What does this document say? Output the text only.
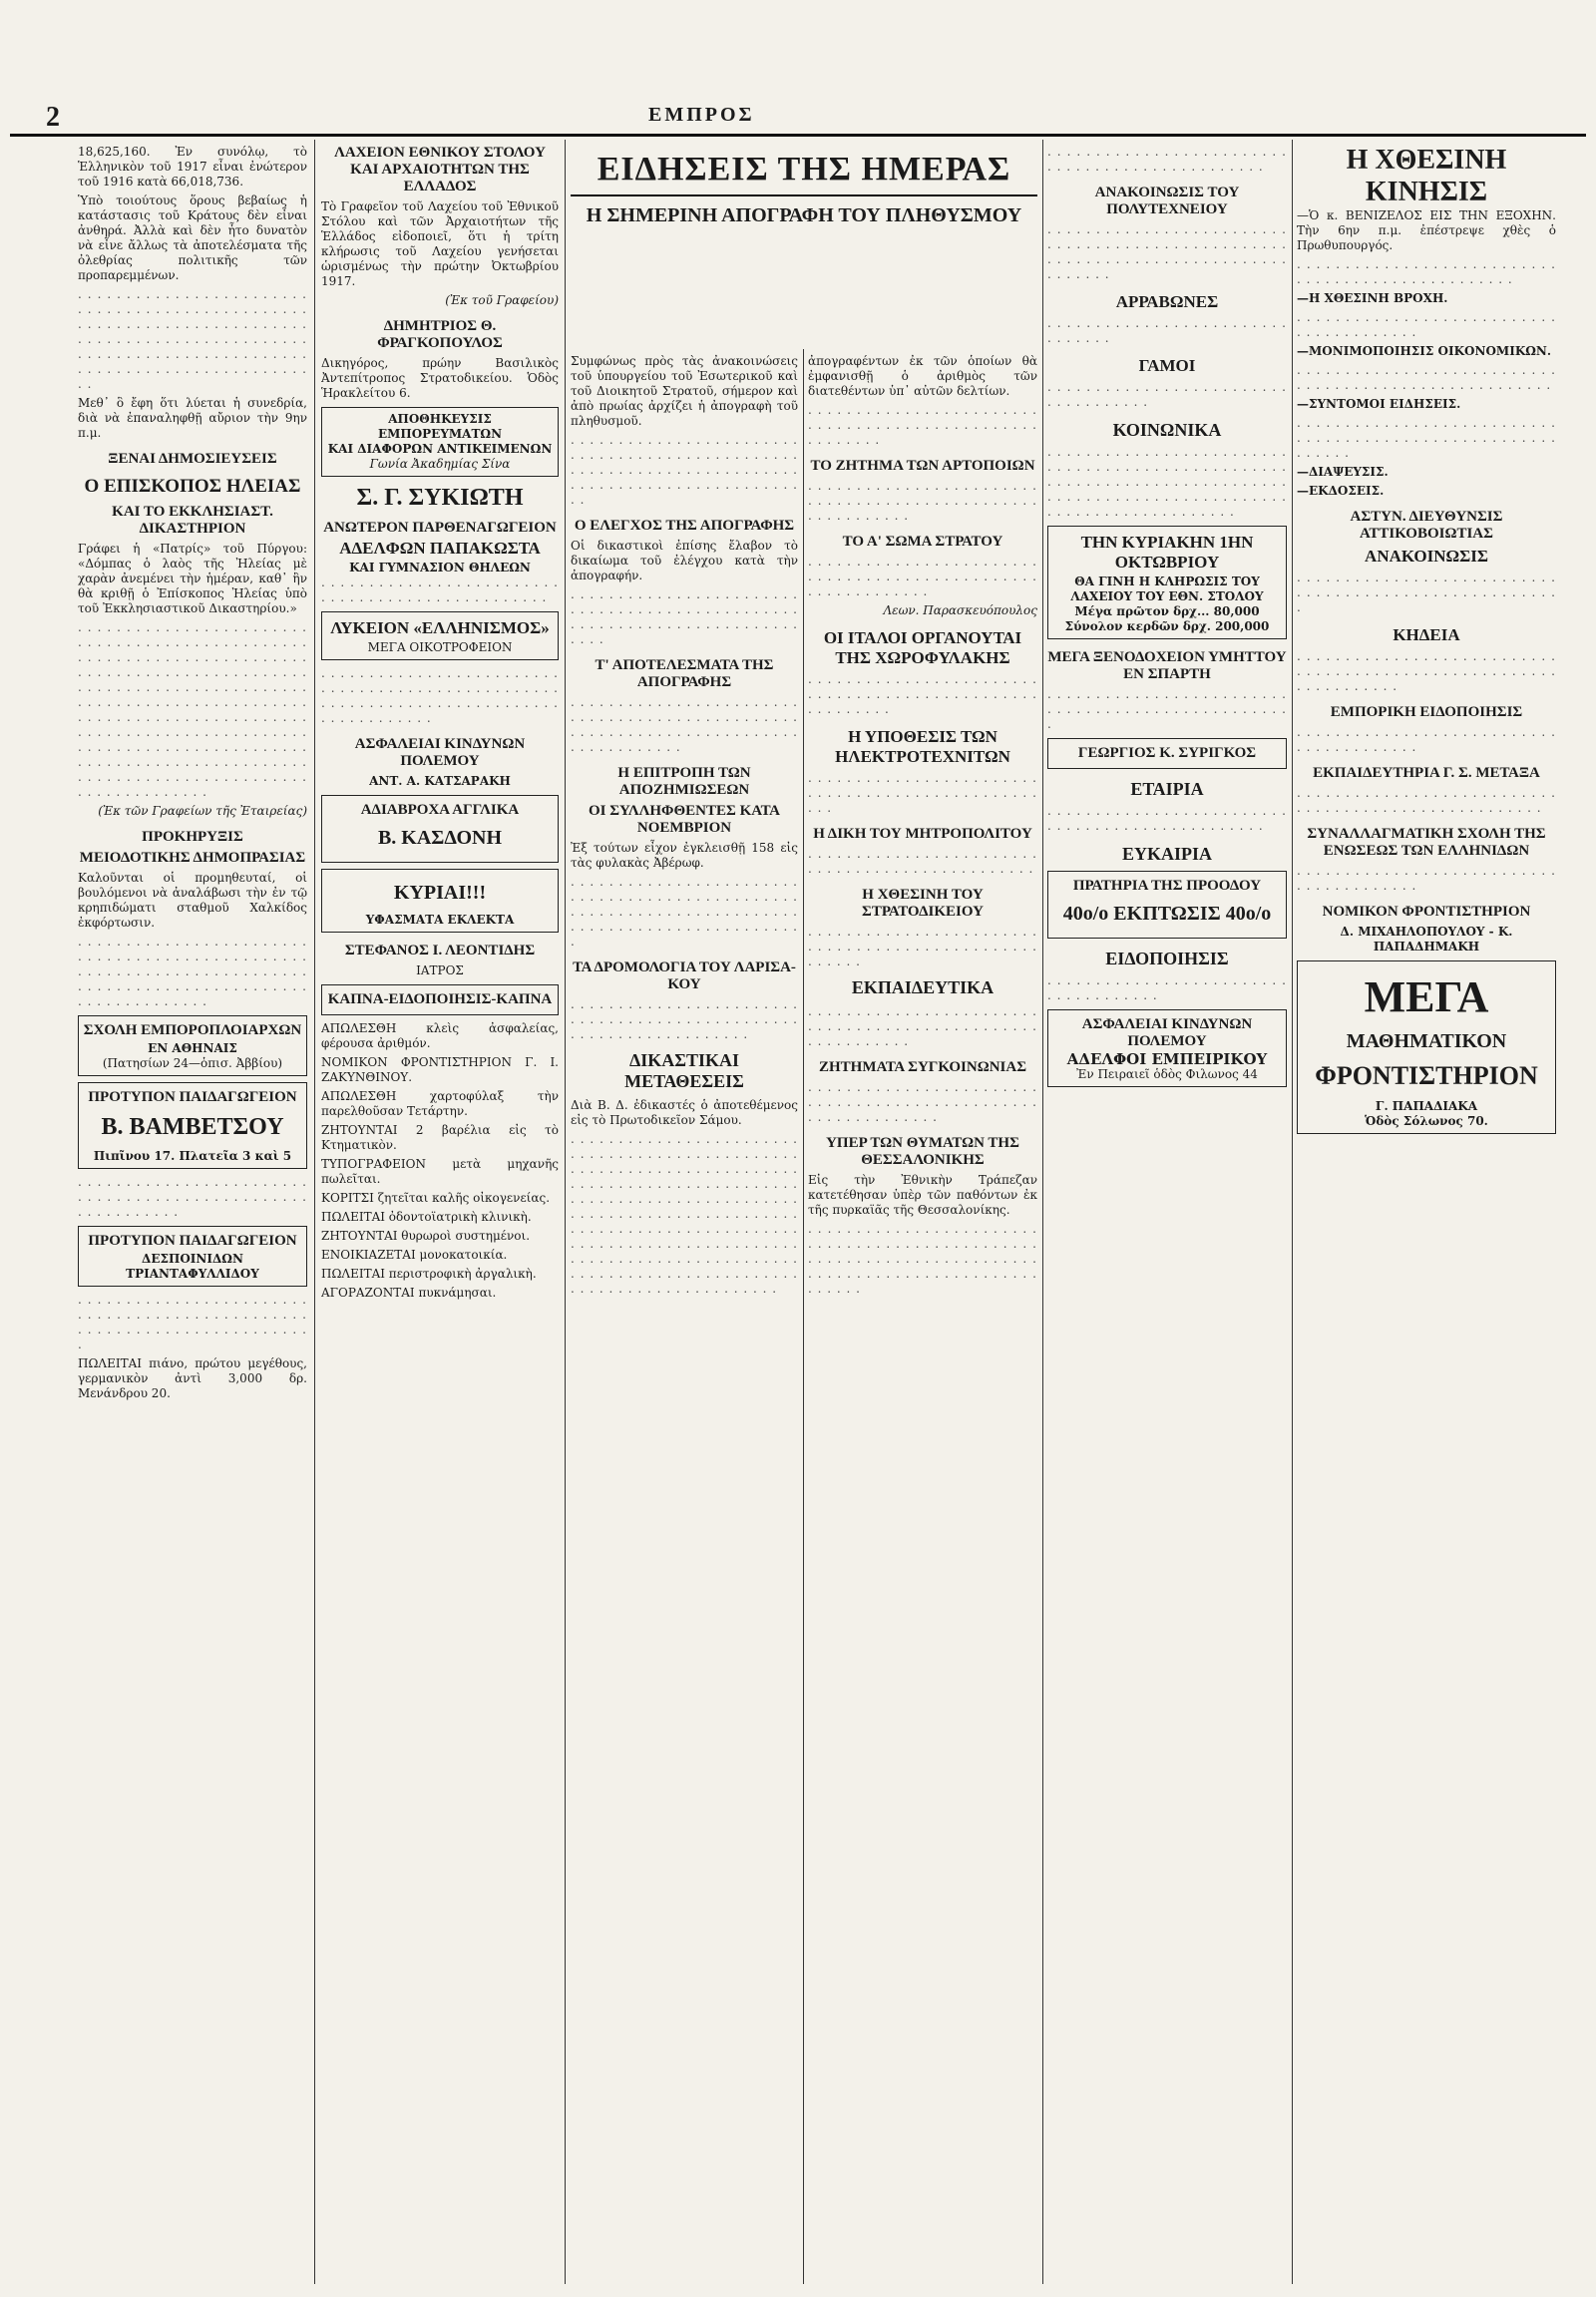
2	ΕΜΠΡΟΣ

18,625,160. Ἐν συνόλῳ, τὸ Ἑλληνικὸν τοῦ 1917 εἶναι ἐνώτερον τοῦ 1916 κατὰ 66,018,736.

Ὑπὸ τοιούτους ὅρους βεβαίως ἡ κατάστασις τοῦ Κράτους δὲν εἶναι ἀνθηρά. Ἀλλὰ καὶ δὲν ἦτο δυνατὸν νὰ εἶνε ἄλλως τὰ ἀποτελέσματα τῆς ὀλεθρίας πολιτικῆς τῶν προπαρεμμένων.

. . . . . . . . . . . . . . . . . . . . . . . . . . . . . . . . . . . . . . . . . . . . . . . . . . . . . . . . . . . . . . . . . . . . . . . . . . . . . . . . . . . . . . . . . . . . . . . . . . . . . . . . . . . . . . . . . . . . . . . . . . . . . . . . . . . . . . . . . . . . . . . . . .

Μεθ᾽ ὃ ἔφη ὅτι λύεται ἡ συνεδρία, διὰ νὰ ἐπαναληφθῇ αὔριον τὴν 9ην π.μ.

ΞΕΝΑΙ ΔΗΜΟΣΙΕΥΣΕΙΣ
Ο ΕΠΙΣΚΟΠΟΣ ΗΛΕΙΑΣ
ΚΑΙ ΤΟ ΕΚΚΛΗΣΙΑΣΤ. ΔΙΚΑΣΤΗΡΙΟΝ

Γράφει ἡ «Πατρίς» τοῦ Πύργου: «Δόμπας ὁ λαὸς τῆς Ἠλείας μὲ χαρὰν ἀνεμένει τὴν ἡμέραν, καθ᾽ ἣν θὰ κριθῇ ὁ Ἐπίσκοπος Ἠλείας ὑπὸ τοῦ Ἐκκλησιαστικοῦ Δικαστηρίου.»

. . . . . . . . . . . . . . . . . . . . . . . . . . . . . . . . . . . . . . . . . . . . . . . . . . . . . . . . . . . . . . . . . . . . . . . . . . . . . . . . . . . . . . . . . . . . . . . . . . . . . . . . . . . . . . . . . . . . . . . . . . . . . . . . . . . . . . . . . . . . . . . . . . . . . . . . . . . . . . . . . . . . . . . . . . . . . . . . . . . . . . . . . . . . . . . . . . . . . . . . . . . . . . . . . . . . . . . . . . . . . . . . . . . . . . . . . . . . . . . . . . . . . . . . . . . . . . . . . . . . . . . . . . . . . . . . . . . . . .

(Ἐκ τῶν Γραφείων τῆς Ἐταιρείας)

ΠΡΟΚΗΡΥΞΙΣ
ΜΕΙΟΔΟΤΙΚΗΣ ΔΗΜΟΠΡΑΣΙΑΣ

Καλοῦνται οἱ προμηθευταί, οἱ βουλόμενοι νὰ ἀναλάβωσι τὴν ἐν τῷ κρηπιδώματι σταθμοῦ Χαλκίδος ἐκφόρτωσιν.

. . . . . . . . . . . . . . . . . . . . . . . . . . . . . . . . . . . . . . . . . . . . . . . . . . . . . . . . . . . . . . . . . . . . . . . . . . . . . . . . . . . . . . . . . . . . . . . . . . . . . . . . . . . . . .

ΣΧΟΛΗ ΕΜΠΟΡΟΠΛΟΙΑΡΧΩΝ
ΕΝ ΑΘΗΝΑΙΣ
(Πατησίων 24—ὁπισ. Ἀββίου)
ΠΡΟΤΥΠΟΝ ΠΑΙΔΑΓΩΓΕΙΟΝ
Β. ΒΑΜΒΕΤΣΟΥ
Πιπῖνου 17. Πλατεῖα 3 καὶ 5

. . . . . . . . . . . . . . . . . . . . . . . . . . . . . . . . . . . . . . . . . . . . . . . . . . . . . . . . . . .

ΠΡΟΤΥΠΟΝ ΠΑΙΔΑΓΩΓΕΙΟΝ
ΔΕΣΠΟΙΝΙΔΩΝ ΤΡΙΑΝΤΑΦΥΛΛΙΔΟΥ

. . . . . . . . . . . . . . . . . . . . . . . . . . . . . . . . . . . . . . . . . . . . . . . . . . . . . . . . . . . . . . . . . . . . . . . . .

ΠΩΛΕΙΤΑΙ πιάνο, πρώτου μεγέθους, γερμανικὸν ἀντὶ 3,000 δρ. Μενάνδρου 20.

ΛΑΧΕΙΟΝ ΕΘΝΙΚΟΥ ΣΤΟΛΟΥ ΚΑΙ ΑΡΧΑΙΟΤΗΤΩΝ ΤΗΣ ΕΛΛΑΔΟΣ

Τὸ Γραφεῖον τοῦ Λαχείου τοῦ Ἐθνικοῦ Στόλου καὶ τῶν Ἀρχαιοτήτων τῆς Ἑλλάδος εἰδοποιεῖ, ὅτι ἡ τρίτη κλήρωσις τοῦ Λαχείου γενήσεται ὡρισμένως τὴν πρώτην Ὀκτωβρίου 1917.

(Ἐκ τοῦ Γραφείου)

ΔΗΜΗΤΡΙΟΣ Θ. ΦΡΑΓΚΟΠΟΥΛΟΣ

Δικηγόρος, πρώην Βασιλικὸς Ἀντεπίτροπος Στρατοδικείου. Ὁδὸς Ἡρακλείτου 6.

ΑΠΟΘΗΚΕΥΣΙΣ ΕΜΠΟΡΕΥΜΑΤΩΝ
ΚΑΙ ΔΙΑΦΟΡΩΝ ΑΝΤΙΚΕΙΜΕΝΩΝ
Γωνία Ἀκαδημίας Σίνα
Σ. Γ. ΣΥΚΙΩΤΗ
ΑΝΩΤΕΡΟΝ ΠΑΡΘΕΝΑΓΩΓΕΙΟΝ
ΑΔΕΛΦΩΝ ΠΑΠΑΚΩΣΤΑ
ΚΑΙ ΓΥΜΝΑΣΙΟΝ ΘΗΛΕΩΝ

. . . . . . . . . . . . . . . . . . . . . . . . . . . . . . . . . . . . . . . . . . . . . . . . .

ΛΥΚΕΙΟΝ «ΕΛΛΗΝΙΣΜΟΣ»
ΜΕΓΑ ΟΙΚΟΤΡΟΦΕΙΟΝ

. . . . . . . . . . . . . . . . . . . . . . . . . . . . . . . . . . . . . . . . . . . . . . . . . . . . . . . . . . . . . . . . . . . . . . . . . . . . . . . . . . . . . . .

ΑΣΦΑΛΕΙΑΙ ΚΙΝΔΥΝΩΝ ΠΟΛΕΜΟΥ
ΑΝΤ. Α. ΚΑΤΣΑΡΑΚΗ
ΑΔΙΑΒΡΟΧΑ ΑΓΓΛΙΚΑ
Β. ΚΑΣΔΟΝΗ
ΚΥΡΙΑΙ!!!
ΥΦΑΣΜΑΤΑ ΕΚΛΕΚΤΑ
ΣΤΕΦΑΝΟΣ Ι. ΛΕΟΝΤΙΔΗΣ
ΙΑΤΡΟΣ
ΚΑΠΝΑ-ΕΙΔΟΠΟΙΗΣΙΣ-ΚΑΠΝΑ

ΑΠΩΛΕΣΘΗ κλεὶς ἀσφαλείας, φέρουσα ἀριθμόν.

ΝΟΜΙΚΟΝ ΦΡΟΝΤΙΣΤΗΡΙΟΝ Γ. Ι. ΖΑΚΥΝΘΙΝΟΥ.

ΑΠΩΛΕΣΘΗ χαρτοφύλαξ τὴν παρελθοῦσαν Τετάρτην.

ΖΗΤΟΥΝΤΑΙ 2 βαρέλια εἰς τὸ Κτηματικὸν.

ΤΥΠΟΓΡΑΦΕΙΟΝ μετὰ μηχανῆς πωλεῖται.

ΚΟΡΙΤΣΙ ζητεῖται καλῆς οἰκογενείας.

ΠΩΛΕΙΤΑΙ ὀδοντοϊατρικὴ κλινικὴ.

ΖΗΤΟΥΝΤΑΙ θυρωροὶ συστημένοι.

ΕΝΟΙΚΙΑΖΕΤΑΙ μονοκατοικία.

ΠΩΛΕΙΤΑΙ περιστροφικὴ ἀργαλικὴ.

ΑΓΟΡΑΖΟΝΤΑΙ πυκνάμησαι.

ΕΙΔΗΣΕΙΣ ΤΗΣ ΗΜΕΡΑΣ
Η ΣΗΜΕΡΙΝΗ ΑΠΟΓΡΑΦΗ ΤΟΥ ΠΛΗΘΥΣΜΟΥ

Συμφώνως πρὸς τὰς ἀνακοινώσεις τοῦ ὑπουργείου τοῦ Ἐσωτερικοῦ καὶ τοῦ Διοικητοῦ Στρατοῦ, σήμερον καὶ ἀπὸ πρωίας ἀρχίζει ἡ ἀπογραφὴ τοῦ πληθυσμοῦ.

. . . . . . . . . . . . . . . . . . . . . . . . . . . . . . . . . . . . . . . . . . . . . . . . . . . . . . . . . . . . . . . . . . . . . . . . . . . . . . . . . . . . . . . . . . . . . . . . . .

Ο ΕΛΕΓΧΟΣ ΤΗΣ ΑΠΟΓΡΑΦΗΣ

Οἱ δικαστικοὶ ἐπίσης ἔλαβον τὸ δικαίωμα τοῦ ἐλέγχου κατὰ τὴν ἀπογραφήν.

. . . . . . . . . . . . . . . . . . . . . . . . . . . . . . . . . . . . . . . . . . . . . . . . . . . . . . . . . . . . . . . . . . . . . . . . . . . .

Τ' ΑΠΟΤΕΛΕΣΜΑΤΑ ΤΗΣ ΑΠΟΓΡΑΦΗΣ

. . . . . . . . . . . . . . . . . . . . . . . . . . . . . . . . . . . . . . . . . . . . . . . . . . . . . . . . . . . . . . . . . . . . . . . . . . . . . . . . . . . .

Η ΕΠΙΤΡΟΠΗ ΤΩΝ ΑΠΟΖΗΜΙΩΣΕΩΝ
ΟΙ ΣΥΛΛΗΦΘΕΝΤΕΣ ΚΑΤΑ ΝΟΕΜΒΡΙΟΝ

Ἐξ τούτων εἶχον ἐγκλεισθῇ 158 εἰς τὰς φυλακὰς Ἀβέρωφ.

. . . . . . . . . . . . . . . . . . . . . . . . . . . . . . . . . . . . . . . . . . . . . . . . . . . . . . . . . . . . . . . . . . . . . . . . . . . . . . . . . . . . . . . . . . . . . . . . .

ΤΑ ΔΡΟΜΟΛΟΓΙΑ ΤΟΥ ΛΑΡΙΣΑ-ΚΟΥ

. . . . . . . . . . . . . . . . . . . . . . . . . . . . . . . . . . . . . . . . . . . . . . . . . . . . . . . . . . . . . . . . . . .

ΔΙΚΑΣΤΙΚΑΙ ΜΕΤΑΘΕΣΕΙΣ

Διὰ Β. Δ. ἐδικαστές ὁ ἀποτεθέμενος εἰς τὸ Πρωτοδικεῖον Σάμου.

. . . . . . . . . . . . . . . . . . . . . . . . . . . . . . . . . . . . . . . . . . . . . . . . . . . . . . . . . . . . . . . . . . . . . . . . . . . . . . . . . . . . . . . . . . . . . . . . . . . . . . . . . . . . . . . . . . . . . . . . . . . . . . . . . . . . . . . . . . . . . . . . . . . . . . . . . . . . . . . . . . . . . . . . . . . . . . . . . . . . . . . . . . . . . . . . . . . . . . . . . . . . . . . . . . . . . . . . . . . . . . . . . . . . . . . . . . . . . . . . . . . . . . . . . . . . . . . . . . . . . .

ἀπογραφέντων ἐκ τῶν ὁποίων θὰ ἐμφανισθῇ ὁ ἀριθμὸς τῶν διατεθέντων ὑπ᾽ αὐτῶν δελτίων.

. . . . . . . . . . . . . . . . . . . . . . . . . . . . . . . . . . . . . . . . . . . . . . . . . . . . . . . .

ΤΟ ΖΗΤΗΜΑ ΤΩΝ ΑΡΤΟΠΟΙΩΝ

. . . . . . . . . . . . . . . . . . . . . . . . . . . . . . . . . . . . . . . . . . . . . . . . . . . . . . . . . . .

ΤΟ Α' ΣΩΜΑ ΣΤΡΑΤΟΥ

. . . . . . . . . . . . . . . . . . . . . . . . . . . . . . . . . . . . . . . . . . . . . . . . . . . . . . . . . . . . .

Λεων. Παρασκευόπουλος

ΟΙ ΙΤΑΛΟΙ ΟΡΓΑΝΟΥΤΑΙ ΤΗΣ ΧΩΡΟΦΥΛΑΚΗΣ

. . . . . . . . . . . . . . . . . . . . . . . . . . . . . . . . . . . . . . . . . . . . . . . . . . . . . . . . .

Η ΥΠΟΘΕΣΙΣ ΤΩΝ ΗΛΕΚΤΡΟΤΕΧΝΙΤΩΝ

. . . . . . . . . . . . . . . . . . . . . . . . . . . . . . . . . . . . . . . . . . . . . . . . . . .

Η ΔΙΚΗ ΤΟΥ ΜΗΤΡΟΠΟΛΙΤΟΥ

. . . . . . . . . . . . . . . . . . . . . . . . . . . . . . . . . . . . . . . . . . . . . . . .

Η ΧΘΕΣΙΝΗ ΤΟΥ ΣΤΡΑΤΟΔΙΚΕΙΟΥ

. . . . . . . . . . . . . . . . . . . . . . . . . . . . . . . . . . . . . . . . . . . . . . . . . . . . . .

ΕΚΠΑΙΔΕΥΤΙΚΑ

. . . . . . . . . . . . . . . . . . . . . . . . . . . . . . . . . . . . . . . . . . . . . . . . . . . . . . . . . . .

ΖΗΤΗΜΑΤΑ ΣΥΓΚΟΙΝΩΝΙΑΣ

. . . . . . . . . . . . . . . . . . . . . . . . . . . . . . . . . . . . . . . . . . . . . . . . . . . . . . . . . . . . . .

ΥΠΕΡ ΤΩΝ ΘΥΜΑΤΩΝ ΤΗΣ ΘΕΣΣΑΛΟΝΙΚΗΣ

Εἰς τὴν Ἐθνικὴν Τράπεζαν κατετέθησαν ὑπὲρ τῶν παθόντων ἐκ τῆς πυρκαϊᾶς τῆς Θεσσαλονίκης.

. . . . . . . . . . . . . . . . . . . . . . . . . . . . . . . . . . . . . . . . . . . . . . . . . . . . . . . . . . . . . . . . . . . . . . . . . . . . . . . . . . . . . . . . . . . . . . . . . . . . . .

. . . . . . . . . . . . . . . . . . . . . . . . . . . . . . . . . . . . . . . . . . . . . . . .

ΑΝΑΚΟΙΝΩΣΙΣ ΤΟΥ ΠΟΛΥΤΕΧΝΕΙΟΥ

. . . . . . . . . . . . . . . . . . . . . . . . . . . . . . . . . . . . . . . . . . . . . . . . . . . . . . . . . . . . . . . . . . . . . . . . . . . . . . . . . .

ΑΡΡΑΒΩΝΕΣ

. . . . . . . . . . . . . . . . . . . . . . . . . . . . . . . .

ΓΑΜΟΙ

. . . . . . . . . . . . . . . . . . . . . . . . . . . . . . . . . . . .

ΚΟΙΝΩΝΙΚΑ

. . . . . . . . . . . . . . . . . . . . . . . . . . . . . . . . . . . . . . . . . . . . . . . . . . . . . . . . . . . . . . . . . . . . . . . . . . . . . . . . . . . . . . . . . . . . . . . . . . . . . . . . . . . . . . . . . . . . . . . .

ΤΗΝ ΚΥΡΙΑΚΗΝ 1ΗΝ ΟΚΤΩΒΡΙΟΥ
ΘΑ ΓΙΝΗ Η ΚΛΗΡΩΣΙΣ ΤΟΥ ΛΑΧΕΙΟΥ ΤΟΥ ΕΘΝ. ΣΤΟΛΟΥ
Μέγα πρῶτον δρχ... 80,000
Σύνολον κερδῶν δρχ. 200,000
ΜΕΓΑ ΞΕΝΟΔΟΧΕΙΟΝ ΥΜΗΤΤΟΥ ΕΝ ΣΠΑΡΤΗ

. . . . . . . . . . . . . . . . . . . . . . . . . . . . . . . . . . . . . . . . . . . . . . . . . . .

ΓΕΩΡΓΙΟΣ Κ. ΣΥΡΙΓΚΟΣ
ΕΤΑΙΡΙΑ

. . . . . . . . . . . . . . . . . . . . . . . . . . . . . . . . . . . . . . . . . . . . . . . .

ΕΥΚΑΙΡΙΑ
ΠΡΑΤΗΡΙΑ ΤΗΣ ΠΡΟΟΔΟΥ
40ο/ο ΕΚΠΤΩΣΙΣ 40ο/ο
ΕΙΔΟΠΟΙΗΣΙΣ

. . . . . . . . . . . . . . . . . . . . . . . . . . . . . . . . . . . . .

ΑΣΦΑΛΕΙΑΙ ΚΙΝΔΥΝΩΝ ΠΟΛΕΜΟΥ
ΑΔΕΛΦΟΙ ΕΜΠΕΙΡΙΚΟΥ
Ἐν Πειραιεῖ ὁδὸς Φιλωνος 44
Η ΧΘΕΣΙΝΗ ΚΙΝΗΣΙΣ

—Ὁ κ. ΒΕΝΙΖΕΛΟΣ ΕΙΣ ΤΗΝ ΕΞΟΧΗΝ. Τὴν 6ην π.μ. ἐπέστρεψε χθὲς ὁ Πρωθυπουργός.

. . . . . . . . . . . . . . . . . . . . . . . . . . . . . . . . . . . . . . . . . . . . . . . . . .

—Η ΧΘΕΣΙΝΗ ΒΡΟΧΗ.

. . . . . . . . . . . . . . . . . . . . . . . . . . . . . . . . . . . . . . . .

—ΜΟΝΙΜΟΠΟΙΗΣΙΣ ΟΙΚΟΝΟΜΙΚΩΝ.

. . . . . . . . . . . . . . . . . . . . . . . . . . . . . . . . . . . . . . . . . . . . . . . . . . . . . .

—ΣΥΝΤΟΜΟΙ ΕΙΔΗΣΕΙΣ.

. . . . . . . . . . . . . . . . . . . . . . . . . . . . . . . . . . . . . . . . . . . . . . . . . . . . . . . . . . . .

—ΔΙΑΨΕΥΣΙΣ.

—ΕΚΔΟΣΕΙΣ.

ΑΣΤΥΝ. ΔΙΕΥΘΥΝΣΙΣ ΑΤΤΙΚΟΒΟΙΩΤΙΑΣ
ΑΝΑΚΟΙΝΩΣΙΣ

. . . . . . . . . . . . . . . . . . . . . . . . . . . . . . . . . . . . . . . . . . . . . . . . . . . . . . .

ΚΗΔΕΙΑ

. . . . . . . . . . . . . . . . . . . . . . . . . . . . . . . . . . . . . . . . . . . . . . . . . . . . . . . . . . . . . . . . .

ΕΜΠΟΡΙΚΗ ΕΙΔΟΠΟΙΗΣΙΣ

. . . . . . . . . . . . . . . . . . . . . . . . . . . . . . . . . . . . . . . .

ΕΚΠΑΙΔΕΥΤΗΡΙΑ Γ. Σ. ΜΕΤΑΞΑ

. . . . . . . . . . . . . . . . . . . . . . . . . . . . . . . . . . . . . . . . . . . . . . . . . . . . .

ΣΥΝΑΛΛΑΓΜΑΤΙΚΗ ΣΧΟΛΗ ΤΗΣ ΕΝΩΣΕΩΣ ΤΩΝ ΕΛΛΗΝΙΔΩΝ

. . . . . . . . . . . . . . . . . . . . . . . . . . . . . . . . . . . . . . . .

ΝΟΜΙΚΟΝ ΦΡΟΝΤΙΣΤΗΡΙΟΝ
Δ. ΜΙΧΑΗΛΟΠΟΥΛΟΥ - Κ. ΠΑΠΑΔΗΜΑΚΗ
ΜΕΓΑ
ΜΑΘΗΜΑΤΙΚΟΝ
ΦΡΟΝΤΙΣΤΗΡΙΟΝ
Γ. ΠΑΠΑΔΙΑΚΑ
Ὁδὸς Σόλωνος 70.
